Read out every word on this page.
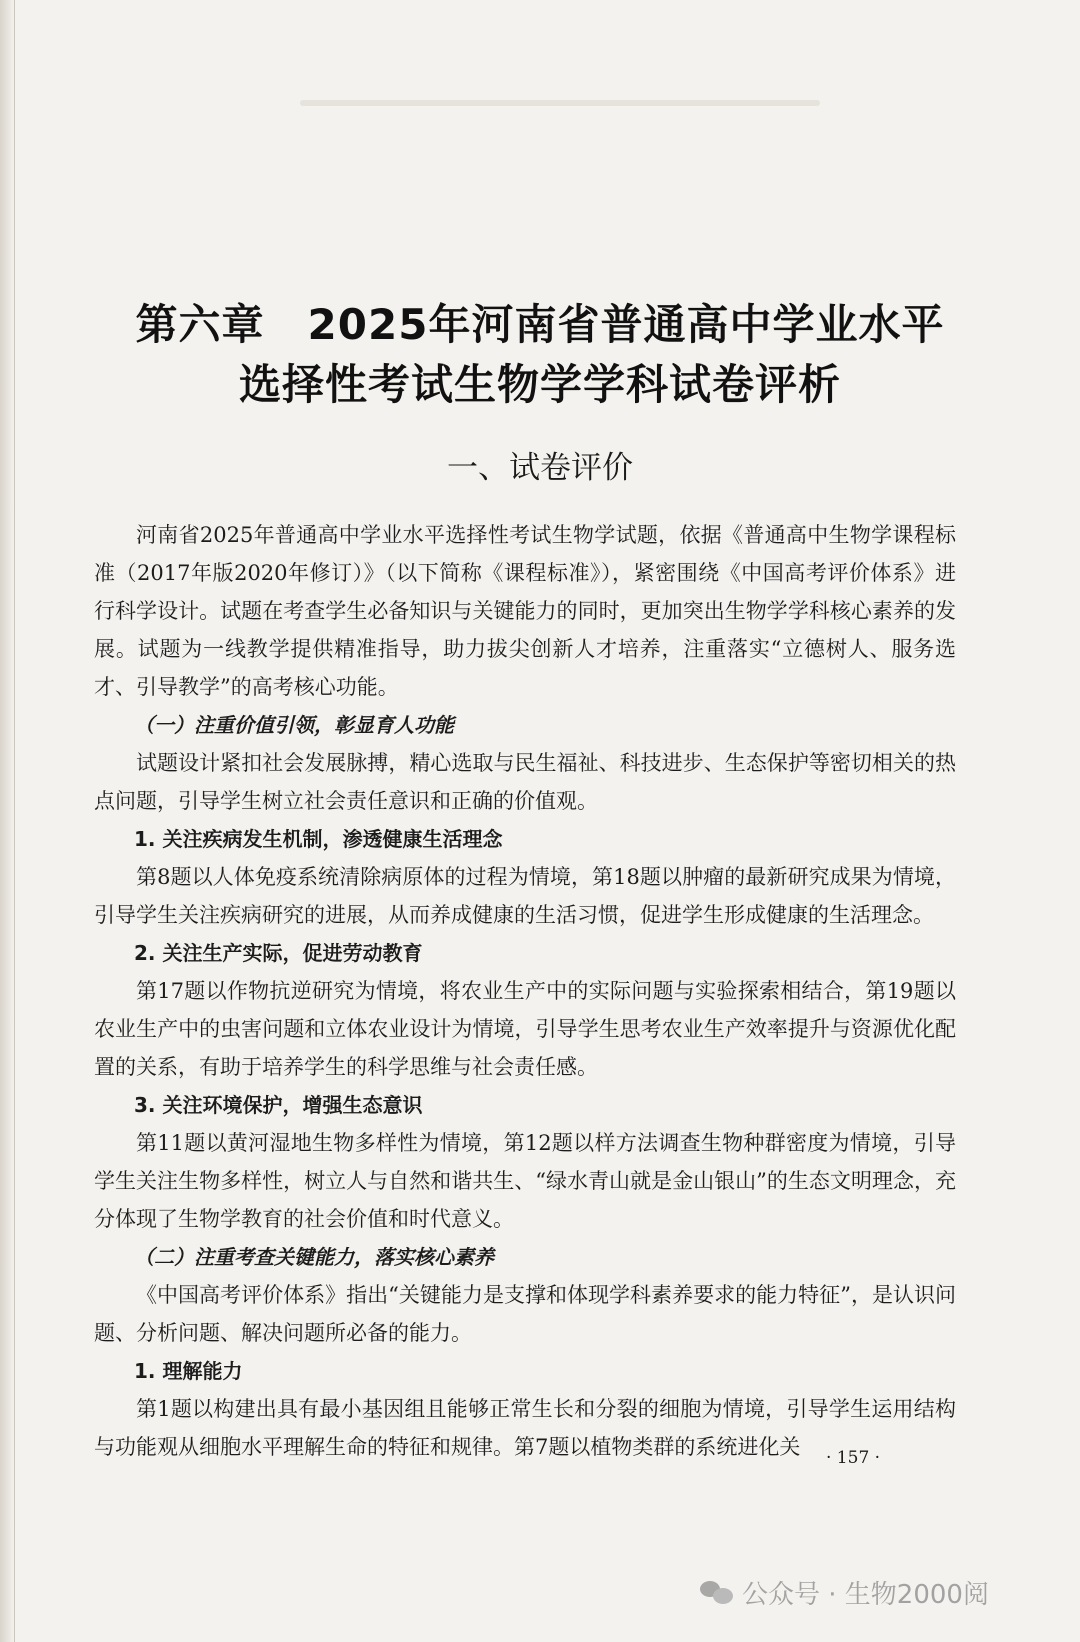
第六章　2025年河南省普通高中学业水平
选择性考试生物学学科试卷评析
一、试卷评价

河南省2025年普通高中学业水平选择性考试生物学试题，依据《普通高中生物学课程标准（2017年版2020年修订）》（以下简称《课程标准》），紧密围绕《中国高考评价体系》进行科学设计。试题在考查学生必备知识与关键能力的同时，更加突出生物学学科核心素养的发展。试题为一线教学提供精准指导，助力拔尖创新人才培养，注重落实“立德树人、服务选才、引导教学”的高考核心功能。

（一）注重价值引领，彰显育人功能

试题设计紧扣社会发展脉搏，精心选取与民生福祉、科技进步、生态保护等密切相关的热点问题，引导学生树立社会责任意识和正确的价值观。

1. 关注疾病发生机制，渗透健康生活理念

第8题以人体免疫系统清除病原体的过程为情境，第18题以肿瘤的最新研究成果为情境，引导学生关注疾病研究的进展，从而养成健康的生活习惯，促进学生形成健康的生活理念。

2. 关注生产实际，促进劳动教育

第17题以作物抗逆研究为情境，将农业生产中的实际问题与实验探索相结合，第19题以农业生产中的虫害问题和立体农业设计为情境，引导学生思考农业生产效率提升与资源优化配置的关系，有助于培养学生的科学思维与社会责任感。

3. 关注环境保护，增强生态意识

第11题以黄河湿地生物多样性为情境，第12题以样方法调查生物种群密度为情境，引导学生关注生物多样性，树立人与自然和谐共生、“绿水青山就是金山银山”的生态文明理念，充分体现了生物学教育的社会价值和时代意义。

（二）注重考查关键能力，落实核心素养

《中国高考评价体系》指出“关键能力是支撑和体现学科素养要求的能力特征”，是认识问题、分析问题、解决问题所必备的能力。

1. 理解能力

第1题以构建出具有最小基因组且能够正常生长和分裂的细胞为情境，引导学生运用结构与功能观从细胞水平理解生命的特征和规律。第7题以植物类群的系统进化关	· 157 ·
公众号 · 生物2000阅
